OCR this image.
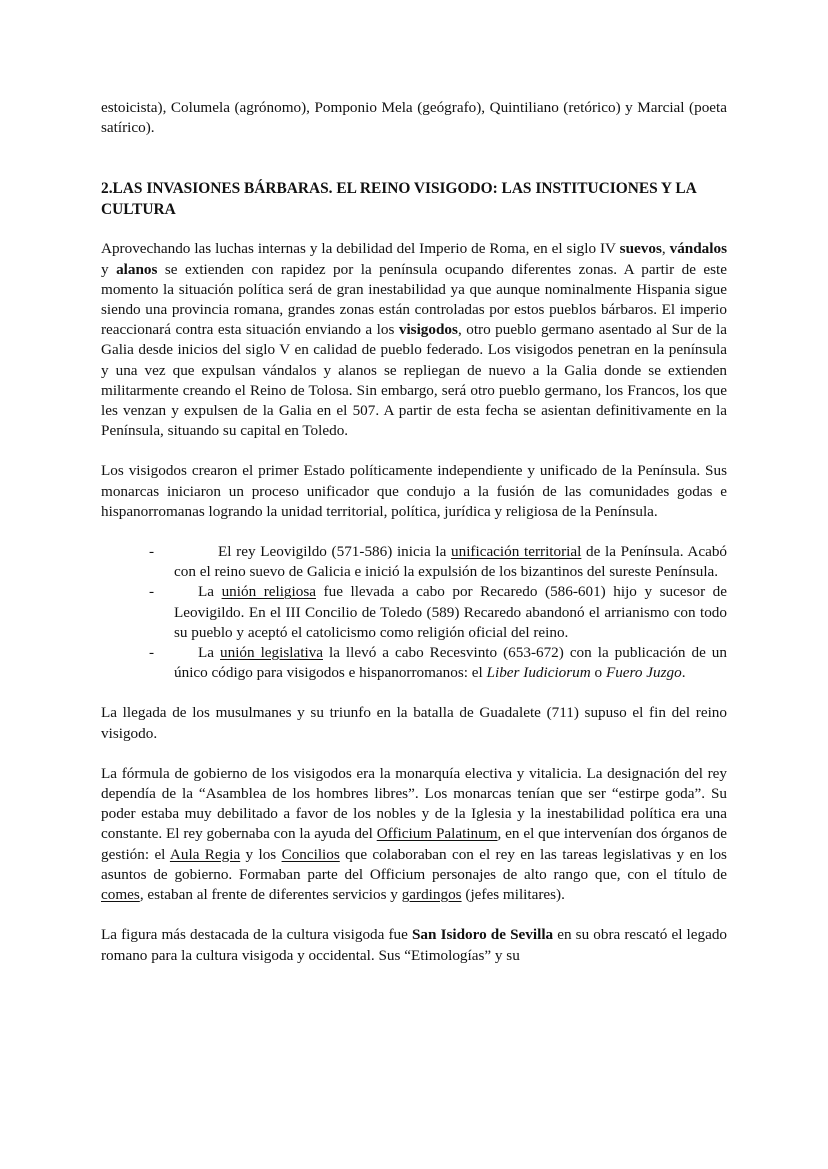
estoicista), Columela (agrónomo), Pomponio Mela (geógrafo), Quintiliano (retórico) y Marcial (poeta satírico).

2.LAS INVASIONES BÁRBARAS. EL REINO VISIGODO: LAS INSTITUCIONES Y LA CULTURA

Aprovechando las luchas internas y la debilidad del Imperio de Roma, en el siglo IV suevos, vándalos y alanos se extienden con rapidez por la península ocupando diferentes zonas. A partir de este momento la situación política será de gran inestabilidad ya que aunque nominalmente Hispania sigue siendo una provincia romana, grandes zonas están controladas por estos pueblos bárbaros. El imperio reaccionará contra esta situación enviando a los visigodos, otro pueblo germano asentado al Sur de la Galia desde inicios del siglo V en calidad de pueblo federado. Los visigodos penetran en la península y una vez que expulsan vándalos y alanos se repliegan de nuevo a la Galia donde se extienden militarmente creando el Reino de Tolosa. Sin embargo, será otro pueblo germano, los Francos, los que les venzan y expulsen de la Galia en el 507. A partir de esta fecha se asientan definitivamente en la Península, situando su capital en Toledo.

Los visigodos crearon el primer Estado políticamente independiente y unificado de la Península. Sus monarcas iniciaron un proceso unificador que condujo a la fusión de las comunidades godas e hispanorromanas logrando la unidad territorial, política, jurídica y religiosa de la Península.

-	El rey Leovigildo (571-586) inicia la unificación territorial de la Península. Acabó con el reino suevo de Galicia e inició la expulsión de los bizantinos del sureste Península.
-	La unión religiosa fue llevada a cabo por Recaredo (586-601) hijo y sucesor de Leovigildo. En el III Concilio de Toledo (589) Recaredo abandonó el arrianismo con todo su pueblo y aceptó el catolicismo como religión oficial del reino.
-	La unión legislativa la llevó a cabo Recesvinto (653-672) con la publicación de un único código para visigodos e hispanorromanos: el Liber Iudiciorum o Fuero Juzgo.

La llegada de los musulmanes y su triunfo en la batalla de Guadalete (711) supuso el fin del reino visigodo.

La fórmula de gobierno de los visigodos era la monarquía electiva y vitalicia. La designación del rey dependía de la “Asamblea de los hombres libres”. Los monarcas tenían que ser “estirpe goda”. Su poder estaba muy debilitado a favor de los nobles y de la Iglesia y la inestabilidad política era una constante. El rey gobernaba con la ayuda del Officium Palatinum, en el que intervenían dos órganos de gestión: el Aula Regia y los Concilios que colaboraban con el rey en las tareas legislativas y en los asuntos de gobierno. Formaban parte del Officium personajes de alto rango que, con el título de comes, estaban al frente de diferentes servicios y gardingos (jefes militares).

La figura más destacada de la cultura visigoda fue San Isidoro de Sevilla en su obra rescató el legado romano para la cultura visigoda y occidental. Sus “Etimologías” y su
